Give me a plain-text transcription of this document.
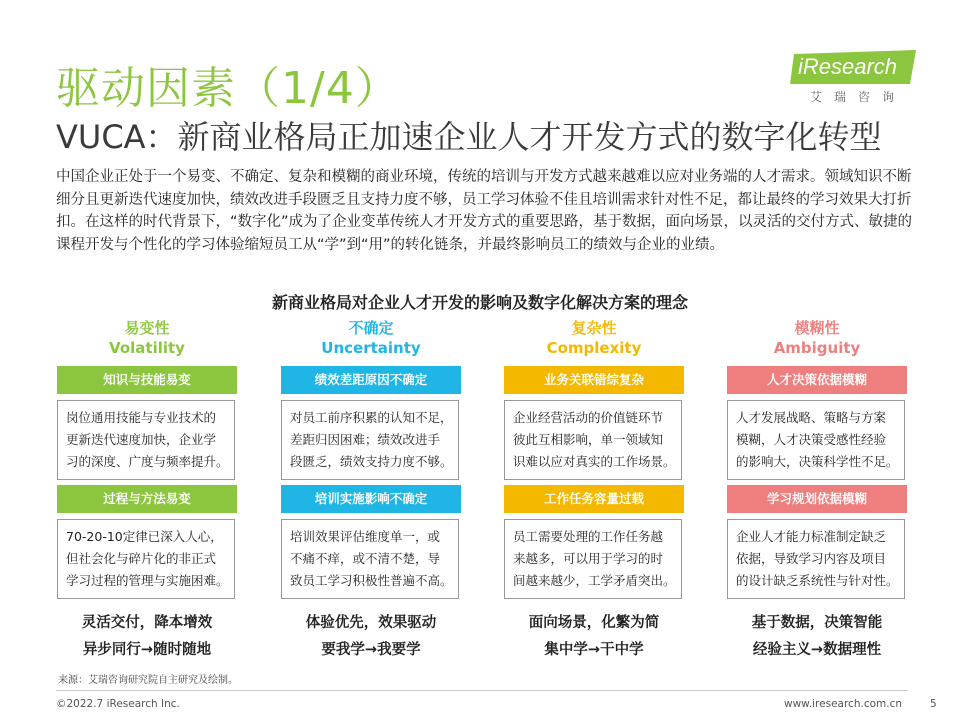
驱动因素（1/4）
VUCA：新商业格局正加速企业人才开发方式的数字化转型
iResearch
艾瑞咨询
中国企业正处于一个易变、不确定、复杂和模糊的商业环境，传统的培训与开发方式越来越难以应对业务端的人才需求。领域知识不断细分且更新迭代速度加快，绩效改进手段匮乏且支持力度不够，员工学习体验不佳且培训需求针对性不足，都让最终的学习效果大打折扣。在这样的时代背景下，“数字化”成为了企业变革传统人才开发方式的重要思路，基于数据，面向场景，以灵活的交付方式、敏捷的课程开发与个性化的学习体验缩短员工从“学”到“用”的转化链条，并最终影响员工的绩效与企业的业绩。
新商业格局对企业人才开发的影响及数字化解决方案的理念
易变性
Volatility
知识与技能易变
岗位通用技能与专业技术的
更新迭代速度加快，企业学
习的深度、广度与频率提升。
过程与方法易变
70-20-10定律已深入人心，
但社会化与碎片化的非正式
学习过程的管理与实施困难。
不确定
Uncertainty
绩效差距原因不确定
对员工前序积累的认知不足，
差距归因困难；绩效改进手
段匮乏，绩效支持力度不够。
培训实施影响不确定
培训效果评估维度单一，或
不痛不痒，或不清不楚，导
致员工学习积极性普遍不高。
复杂性
Complexity
业务关联错综复杂
企业经营活动的价值链环节
彼此互相影响，单一领域知
识难以应对真实的工作场景。
工作任务容量过载
员工需要处理的工作任务越
来越多，可以用于学习的时
间越来越少，工学矛盾突出。
模糊性
Ambiguity
人才决策依据模糊
人才发展战略、策略与方案
模糊，人才决策受感性经验
的影响大，决策科学性不足。
学习规划依据模糊
企业人才能力标准制定缺乏
依据，导致学习内容及项目
的设计缺乏系统性与针对性。
灵活交付，降本增效
异步同行→随时随地
体验优先，效果驱动
要我学→我要学
面向场景，化繁为简
集中学→干中学
基于数据，决策智能
经验主义→数据理性
来源：艾瑞咨询研究院自主研究及绘制。
©2022.7 iResearch Inc.	www.iresearch.com.cn	5
